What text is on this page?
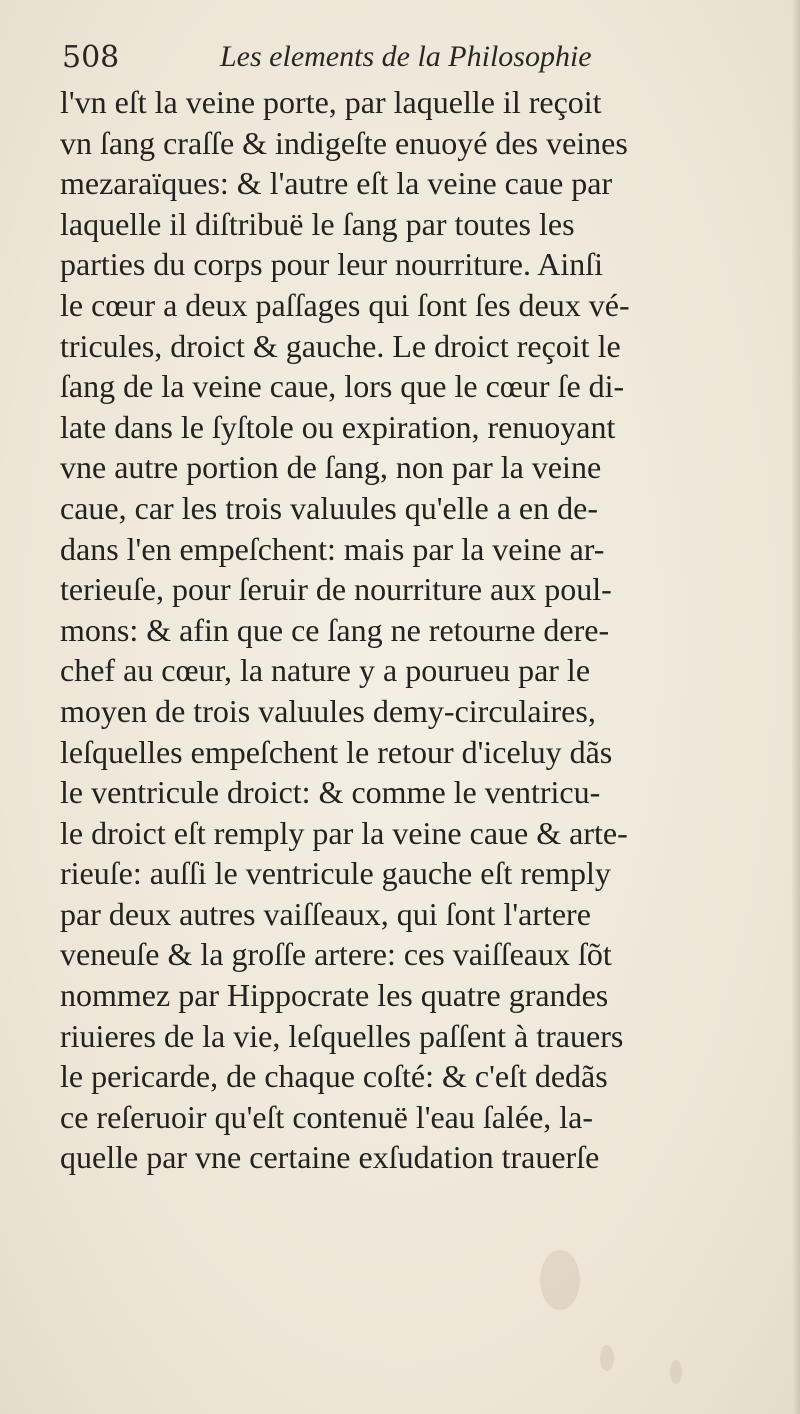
508	Les elements de la Philosophie
l'vn eſt la veine porte, par laquelle il reçoit
vn ſang craſſe & indigeſte enuoyé des veines
mezaraïques: & l'autre eſt la veine caue par
laquelle il diſtribuë le ſang par toutes les
parties du corps pour leur nourriture. Ainſi
le cœur a deux paſſages qui ſont ſes deux vé-
tricules, droict & gauche. Le droict reçoit le
ſang de la veine caue, lors que le cœur ſe di-
late dans le ſyſtole ou expiration, renuoyant
vne autre portion de ſang, non par la veine
caue, car les trois valuules qu'elle a en de-
dans l'en empeſchent: mais par la veine ar-
terieuſe, pour ſeruir de nourriture aux poul-
mons: & afin que ce ſang ne retourne dere-
chef au cœur, la nature y a pourueu par le
moyen de trois valuules demy-circulaires,
leſquelles empeſchent le retour d'iceluy dãs
le ventricule droict: & comme le ventricu-
le droict eſt remply par la veine caue & arte-
rieuſe: auſſi le ventricule gauche eſt remply
par deux autres vaiſſeaux, qui ſont l'artere
veneuſe & la groſſe artere: ces vaiſſeaux ſõt
nommez par Hippocrate les quatre grandes
riuieres de la vie, leſquelles paſſent à trauers
le pericarde, de chaque coſté: & c'eſt dedãs
ce reſeruoir qu'eſt contenuë l'eau ſalée, la-
quelle par vne certaine exſudation trauerſe
